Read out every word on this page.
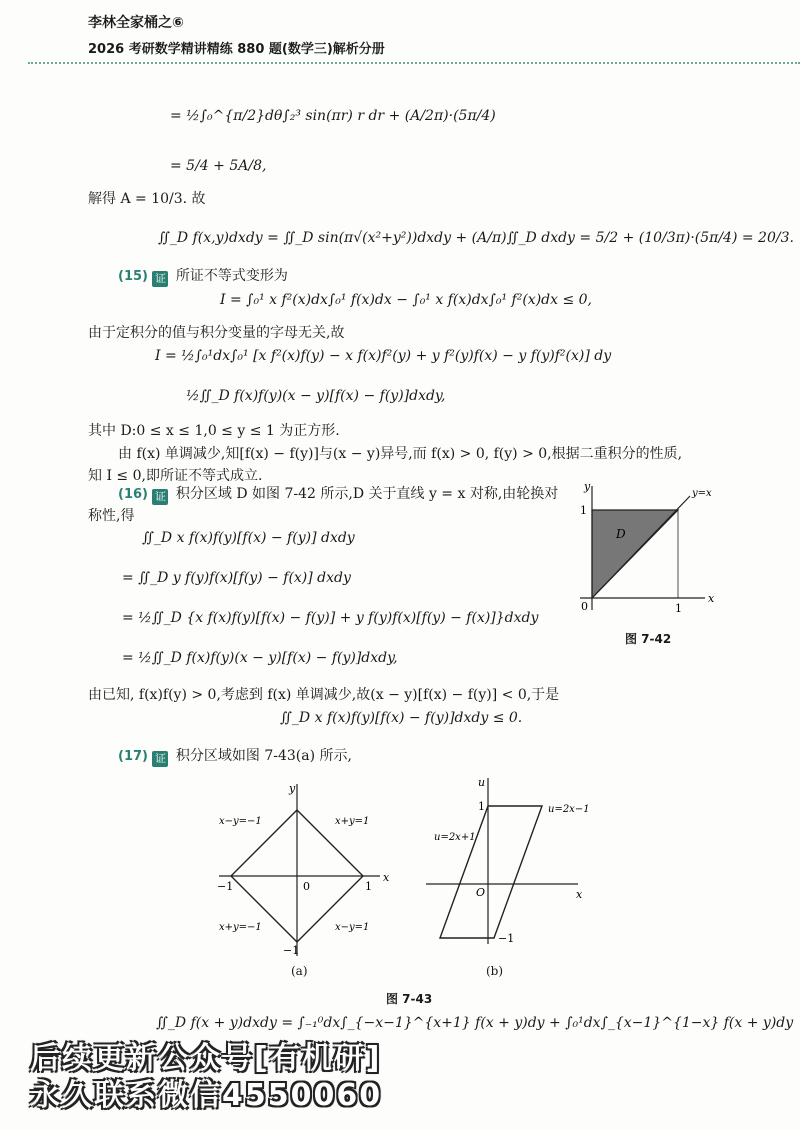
李林全家桶之⑥
2026 考研数学精讲精练 880 题(数学三)解析分册
= ½∫₀^{π/2}dθ∫₂³ sin(πr) r dr + (A/2π)·(5π/4)
= 5/4 + 5A/8,
解得 A = 10/3. 故
∬_D f(x,y)dxdy = ∬_D sin(π√(x²+y²))dxdy + (A/π)∬_D dxdy = 5/2 + (10/3π)·(5π/4) = 20/3.
(15) 证 所证不等式变形为
I = ∫₀¹ x f²(x)dx∫₀¹ f(x)dx − ∫₀¹ x f(x)dx∫₀¹ f²(x)dx ≤ 0,
由于定积分的值与积分变量的字母无关,故
I = ½∫₀¹dx∫₀¹ [x f²(x)f(y) − x f(x)f²(y) + y f²(y)f(x) − y f(y)f²(x)] dy
½∬_D f(x)f(y)(x − y)[f(x) − f(y)]dxdy,
其中 D:0 ≤ x ≤ 1,0 ≤ y ≤ 1 为正方形.
由 f(x) 单调减少,知[f(x) − f(y)]与(x − y)异号,而 f(x) > 0, f(y) > 0,根据二重积分的性质,
知 I ≤ 0,即所证不等式成立.
(16) 证 积分区域 D 如图 7-42 所示,D 关于直线 y = x 对称,由轮换对
称性,得
∬_D x f(x)f(y)[f(x) − f(y)] dxdy
= ∬_D y f(y)f(x)[f(y) − f(x)] dxdy
= ½∬_D {x f(x)f(y)[f(x) − f(y)] + y f(y)f(x)[f(y) − f(x)]}dxdy
= ½∬_D f(x)f(y)(x − y)[f(x) − f(y)]dxdy,
由已知, f(x)f(y) > 0,考虑到 f(x) 单调减少,故(x − y)[f(x) − f(y)] < 0,于是
∬_D x f(x)f(y)[f(x) − f(y)]dxdy ≤ 0.
(17) 证 积分区域如图 7-43(a) 所示,
y
x
y=x
1
1
0
D
图 7-42
y
x
x−y=−1	x+y=1
x+y=−1	x−y=1
−1	1
−1
0
(a)
u
x
u=2x−1
u=2x+1
1
−1
O
(b)
图 7-43
∬_D f(x + y)dxdy = ∫₋₁⁰dx∫_{−x−1}^{x+1} f(x + y)dy + ∫₀¹dx∫_{x−1}^{1−x} f(x + y)dy
后续更新公众号[有机研]
永久联系微信4550060
